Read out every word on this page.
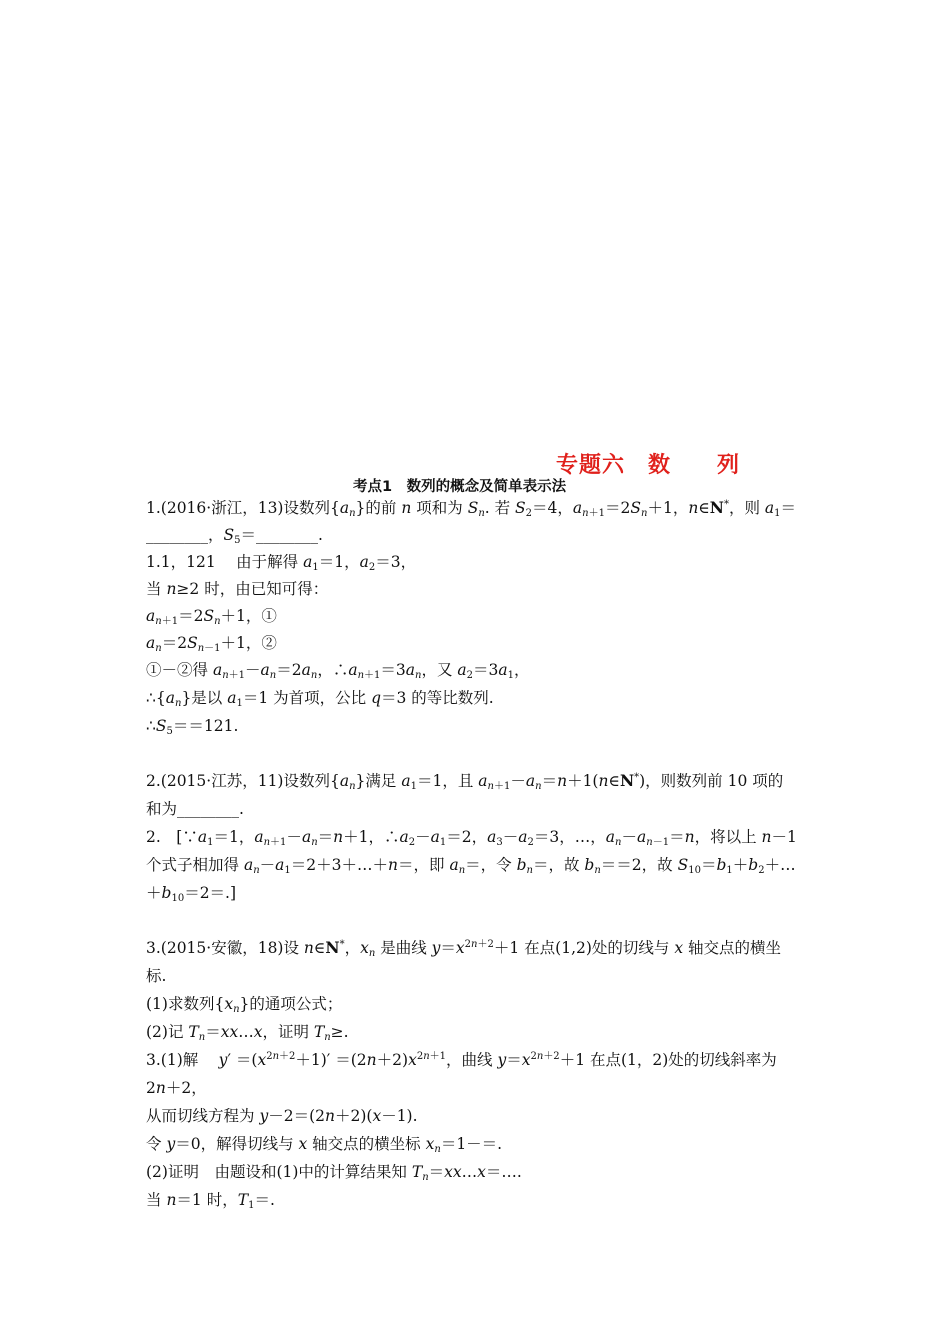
专题六　数　　列
考点1　数列的概念及简单表示法
1.(2016·浙江，13)设数列$\{a_n\}$的前 n 项和为 $S_n$. 若 $S_2=4$，$a_{n+1}=2S_n+1$，n∈N*，则 $a_1=$
________，$S_5=\_\_\_\_\_\_\_\_$.
1.1，121　 由于解得 $a_1=1$，$a_2=3$，
当 n≥2 时，由已知可得：
$a_{n+1}=2S_n+1$，①
$a_n=2S_{n-1}+1$，②
①－②得 $a_{n+1}-a_n=2a_n$，$\therefore a_{n+1}=3a_n$，又 $a_2=3a_1$，
$\therefore\{a_n\}$是以 $a_1=1$ 为首项，公比 q＝3 的等比数列.
$\therefore S_5==121$.
2.(2015·江苏，11)设数列$\{a_n\}$满足 $a_1=1$，且 $a_{n+1}-a_n=n+1(n\in N^*)$，则数列前 10 项的
和为________.
2.　[$\because a_1=1$，$a_{n+1}-a_n=n+1$，$\therefore a_2-a_1=2$，$a_3-a_2=3$，…，$a_n-a_{n-1}=n$，将以上 n－1
个式子相加得 $a_n-a_1=2+3+\dots+n=$，即 $a_n=$，令 $b_n=$，故 $b_n==2$，故 $S_{10}=b_1+b_2+\dots$
$+b_{10}=2=$.]
3.(2015·安徽，18)设 n∈N*，$x_n$ 是曲线 $y=x^{2n+2}+1$ 在点(1,2)处的切线与 x 轴交点的横坐
标.
(1)求数列$\{x_n\}$的通项公式；
(2)记 $T_n=xx\dots x$，证明 $T_n\ge$.
3.(1)解　 $y' =(x^{2n+2}+1)' =(2n+2)x^{2n+1}$，曲线 $y=x^{2n+2}+1$ 在点(1，2)处的切线斜率为
2n＋2，
从而切线方程为 y－2＝(2n＋2)(x－1).
令 y＝0，解得切线与 x 轴交点的横坐标 $x_n=1-=$.
(2)证明　由题设和(1)中的计算结果知 $T_n=xx\dots x=\dots$.
当 n＝1 时，$T_1=$.
